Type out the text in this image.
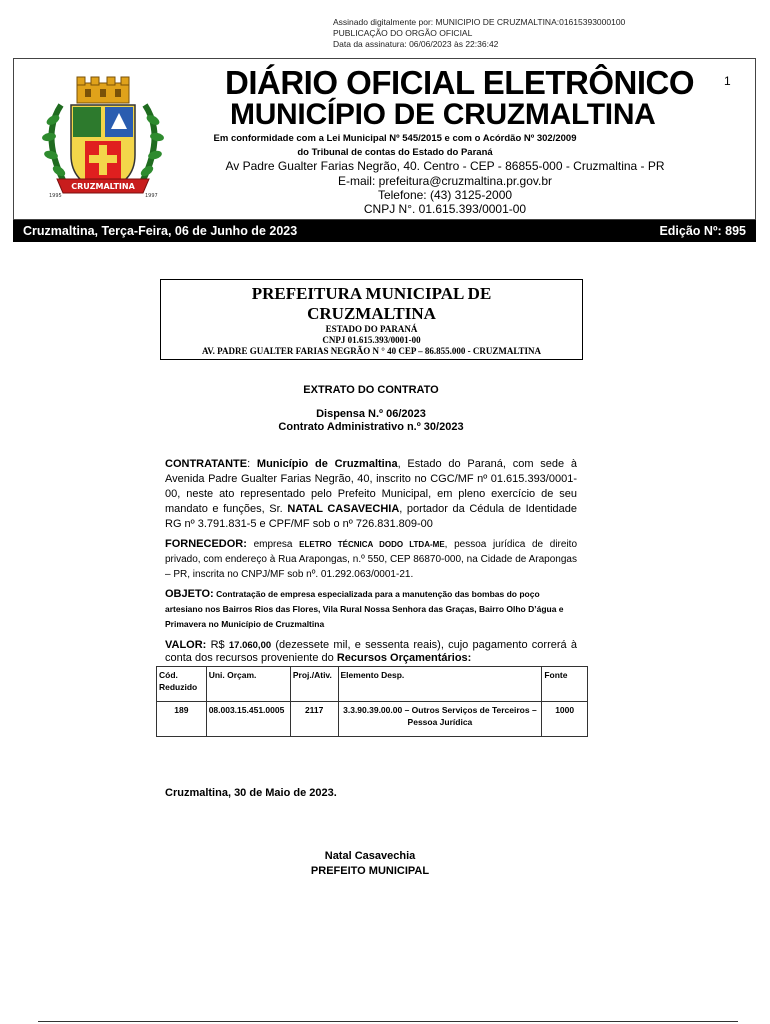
Assinado digitalmente por: MUNICIPIO DE CRUZMALTINA:01615393000100
PUBLICAÇÃO DO ORGÃO OFICIAL
Data da assinatura: 06/06/2023 às 22:36:42
CRUZMALTINA
1995	1997
DIÁRIO OFICIAL ELETRÔNICO
MUNICÍPIO DE CRUZMALTINA
1
Em conformidade com a Lei Municipal Nº 545/2015 e com o Acórdão Nº 302/2009
do Tribunal de contas do Estado do Paraná
Av Padre Gualter Farias Negrão, 40. Centro - CEP - 86855-000 - Cruzmaltina - PR
E-mail: prefeitura@cruzmaltina.pr.gov.br
Telefone: (43) 3125-2000
CNPJ N°. 01.615.393/0001-00
Cruzmaltina, Terça-Feira, 06 de Junho de 2023	Edição Nº: 895
PREFEITURA MUNICIPAL DE CRUZMALTINA
ESTADO DO PARANÁ
CNPJ 01.615.393/0001-00
AV. PADRE GUALTER FARIAS NEGRÃO N ° 40 CEP – 86.855.000 - CRUZMALTINA
EXTRATO DO CONTRATO
Dispensa N.º 06/2023
Contrato Administrativo n.º 30/2023
CONTRATANTE: Município de Cruzmaltina, Estado do Paraná, com sede à Avenida Padre Gualter Farias Negrão, 40, inscrito no CGC/MF nº 01.615.393/0001-00, neste ato representado pelo Prefeito Municipal, em pleno exercício de seu mandato e funções, Sr. NATAL CASAVECHIA, portador da Cédula de Identidade RG nº 3.791.831-5 e CPF/MF sob o nº 726.831.809-00
FORNECEDOR: empresa ELETRO TÉCNICA DODO LTDA-ME, pessoa jurídica de direito privado, com endereço à Rua Arapongas, n.º 550, CEP 86870-000, na Cidade de Arapongas – PR, inscrita no CNPJ/MF sob nº. 01.292.063/0001-21.
OBJETO: Contratação de empresa especializada para a manutenção das bombas do poço artesiano nos Bairros Rios das Flores, Vila Rural Nossa Senhora das Graças, Bairro Olho D’água e Primavera no Município de Cruzmaltina
VALOR: R$ 17.060,00 (dezessete mil, e sessenta reais), cujo pagamento correrá à conta dos recursos proveniente do Recursos Orçamentários:
Cód. Reduzido	Uni. Orçam.	Proj./Ativ.	Elemento Desp.	Fonte
189	08.003.15.451.0005	2117	3.3.90.39.00.00 – Outros Serviços de Terceiros – Pessoa Jurídica	1000
Cruzmaltina, 30 de Maio de 2023.
Natal Casavechia
PREFEITO MUNICIPAL
